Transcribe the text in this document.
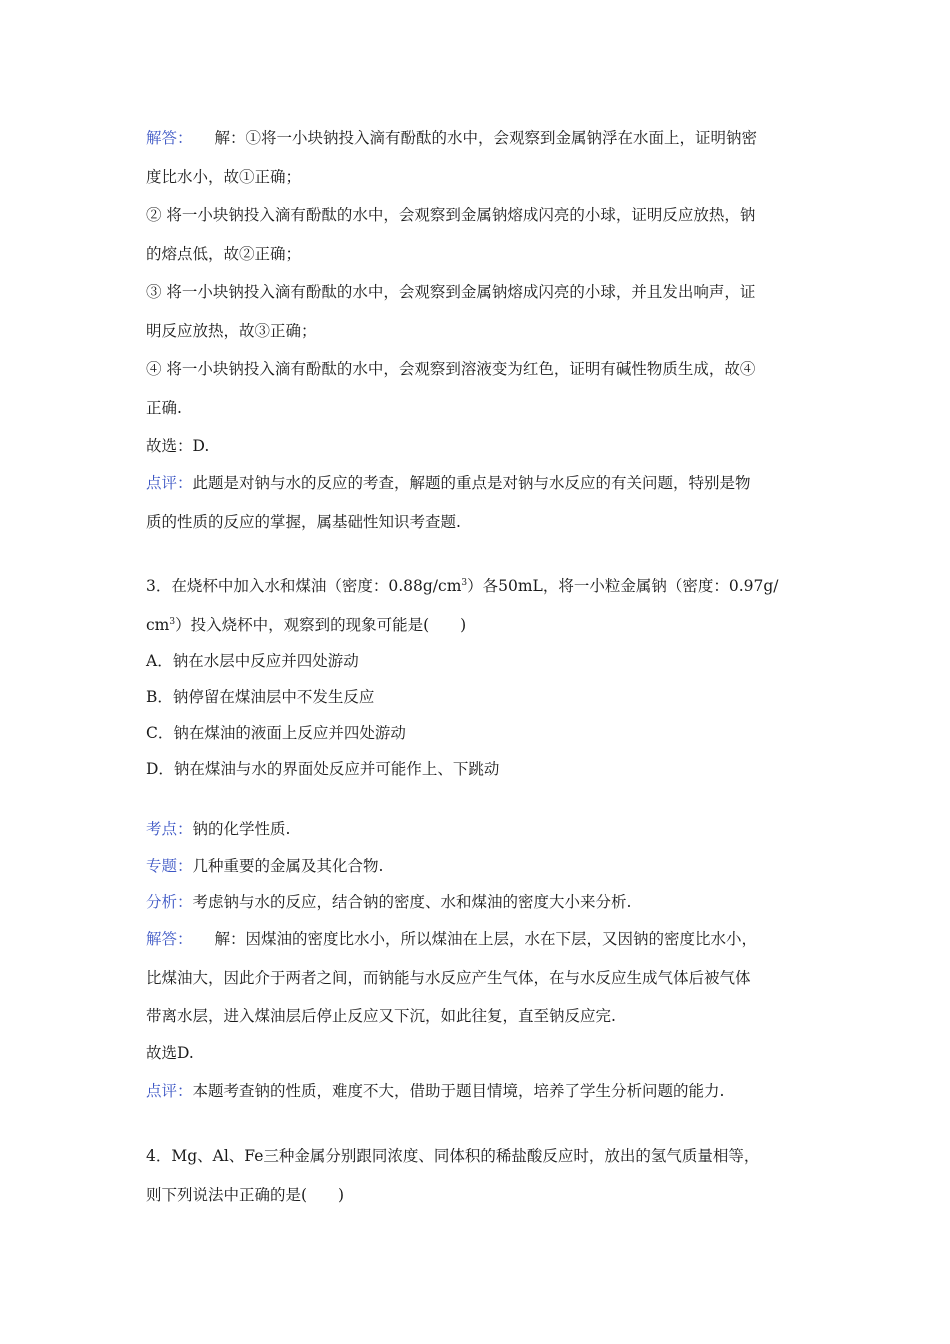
解答： 解：①将一小块钠投入滴有酚酞的水中，会观察到金属钠浮在水面上，证明钠密
度比水小，故①正确；
② 将一小块钠投入滴有酚酞的水中，会观察到金属钠熔成闪亮的小球，证明反应放热，钠
的熔点低，故②正确；
③ 将一小块钠投入滴有酚酞的水中，会观察到金属钠熔成闪亮的小球，并且发出响声，证
明反应放热，故③正确；
④ 将一小块钠投入滴有酚酞的水中，会观察到溶液变为红色，证明有碱性物质生成，故④
正确.
故选：D.
点评：此题是对钠与水的反应的考查，解题的重点是对钠与水反应的有关问题，特别是物
质的性质的反应的掌握，属基础性知识考查题.
3．在烧杯中加入水和煤油（密度：$0.88g/cm^3$）各50mL，将一小粒金属钠（密度：0.97g/
$cm^3$）投入烧杯中，观察到的现象可能是(　　)
A．钠在水层中反应并四处游动
B．钠停留在煤油层中不发生反应
C．钠在煤油的液面上反应并四处游动
D．钠在煤油与水的界面处反应并可能作上、下跳动
考点：钠的化学性质.
专题：几种重要的金属及其化合物.
分析：考虑钠与水的反应，结合钠的密度、水和煤油的密度大小来分析.
解答： 解：因煤油的密度比水小，所以煤油在上层，水在下层，又因钠的密度比水小，
比煤油大，因此介于两者之间，而钠能与水反应产生气体，在与水反应生成气体后被气体
带离水层，进入煤油层后停止反应又下沉，如此往复，直至钠反应完.
故选D.
点评：本题考查钠的性质，难度不大，借助于题目情境，培养了学生分析问题的能力.
4．Mg、Al、Fe三种金属分别跟同浓度、同体积的稀盐酸反应时，放出的氢气质量相等，
则下列说法中正确的是(　　)
